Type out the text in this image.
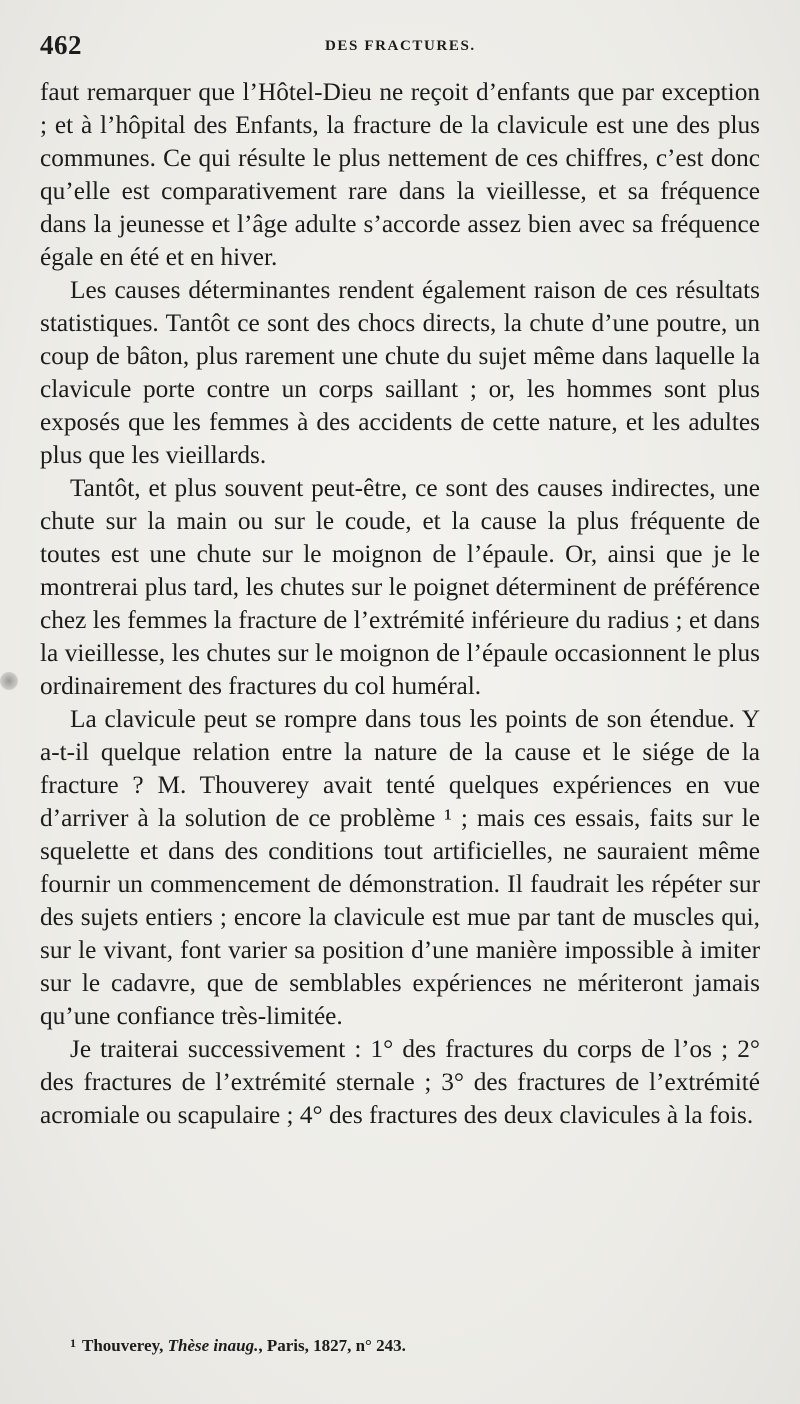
462	DES FRACTURES.

faut remarquer que l’Hôtel-Dieu ne reçoit d’enfants que par exception ; et à l’hôpital des Enfants, la fracture de la clavicule est une des plus communes. Ce qui résulte le plus nettement de ces chiffres, c’est donc qu’elle est comparativement rare dans la vieillesse, et sa fréquence dans la jeunesse et l’âge adulte s’accorde assez bien avec sa fréquence égale en été et en hiver.

Les causes déterminantes rendent également raison de ces résultats statistiques. Tantôt ce sont des chocs directs, la chute d’une poutre, un coup de bâton, plus rarement une chute du sujet même dans laquelle la clavicule porte contre un corps saillant ; or, les hommes sont plus exposés que les femmes à des accidents de cette nature, et les adultes plus que les vieillards.

Tantôt, et plus souvent peut-être, ce sont des causes indirectes, une chute sur la main ou sur le coude, et la cause la plus fréquente de toutes est une chute sur le moignon de l’épaule. Or, ainsi que je le montrerai plus tard, les chutes sur le poignet déterminent de préférence chez les femmes la fracture de l’extrémité inférieure du radius ; et dans la vieillesse, les chutes sur le moignon de l’épaule occasionnent le plus ordinairement des fractures du col huméral.

La clavicule peut se rompre dans tous les points de son étendue. Y a-t-il quelque relation entre la nature de la cause et le siége de la fracture ? M. Thouverey avait tenté quelques expériences en vue d’arriver à la solution de ce problème ¹ ; mais ces essais, faits sur le squelette et dans des conditions tout artificielles, ne sauraient même fournir un commencement de démonstration. Il faudrait les répéter sur des sujets entiers ; encore la clavicule est mue par tant de muscles qui, sur le vivant, font varier sa position d’une manière impossible à imiter sur le cadavre, que de semblables expériences ne mériteront jamais qu’une confiance très-limitée.

Je traiterai successivement : 1° des fractures du corps de l’os ; 2° des fractures de l’extrémité sternale ; 3° des fractures de l’extrémité acromiale ou scapulaire ; 4° des fractures des deux clavicules à la fois.

$^1$ Thouverey, Thèse inaug., Paris, 1827, n° 243.
